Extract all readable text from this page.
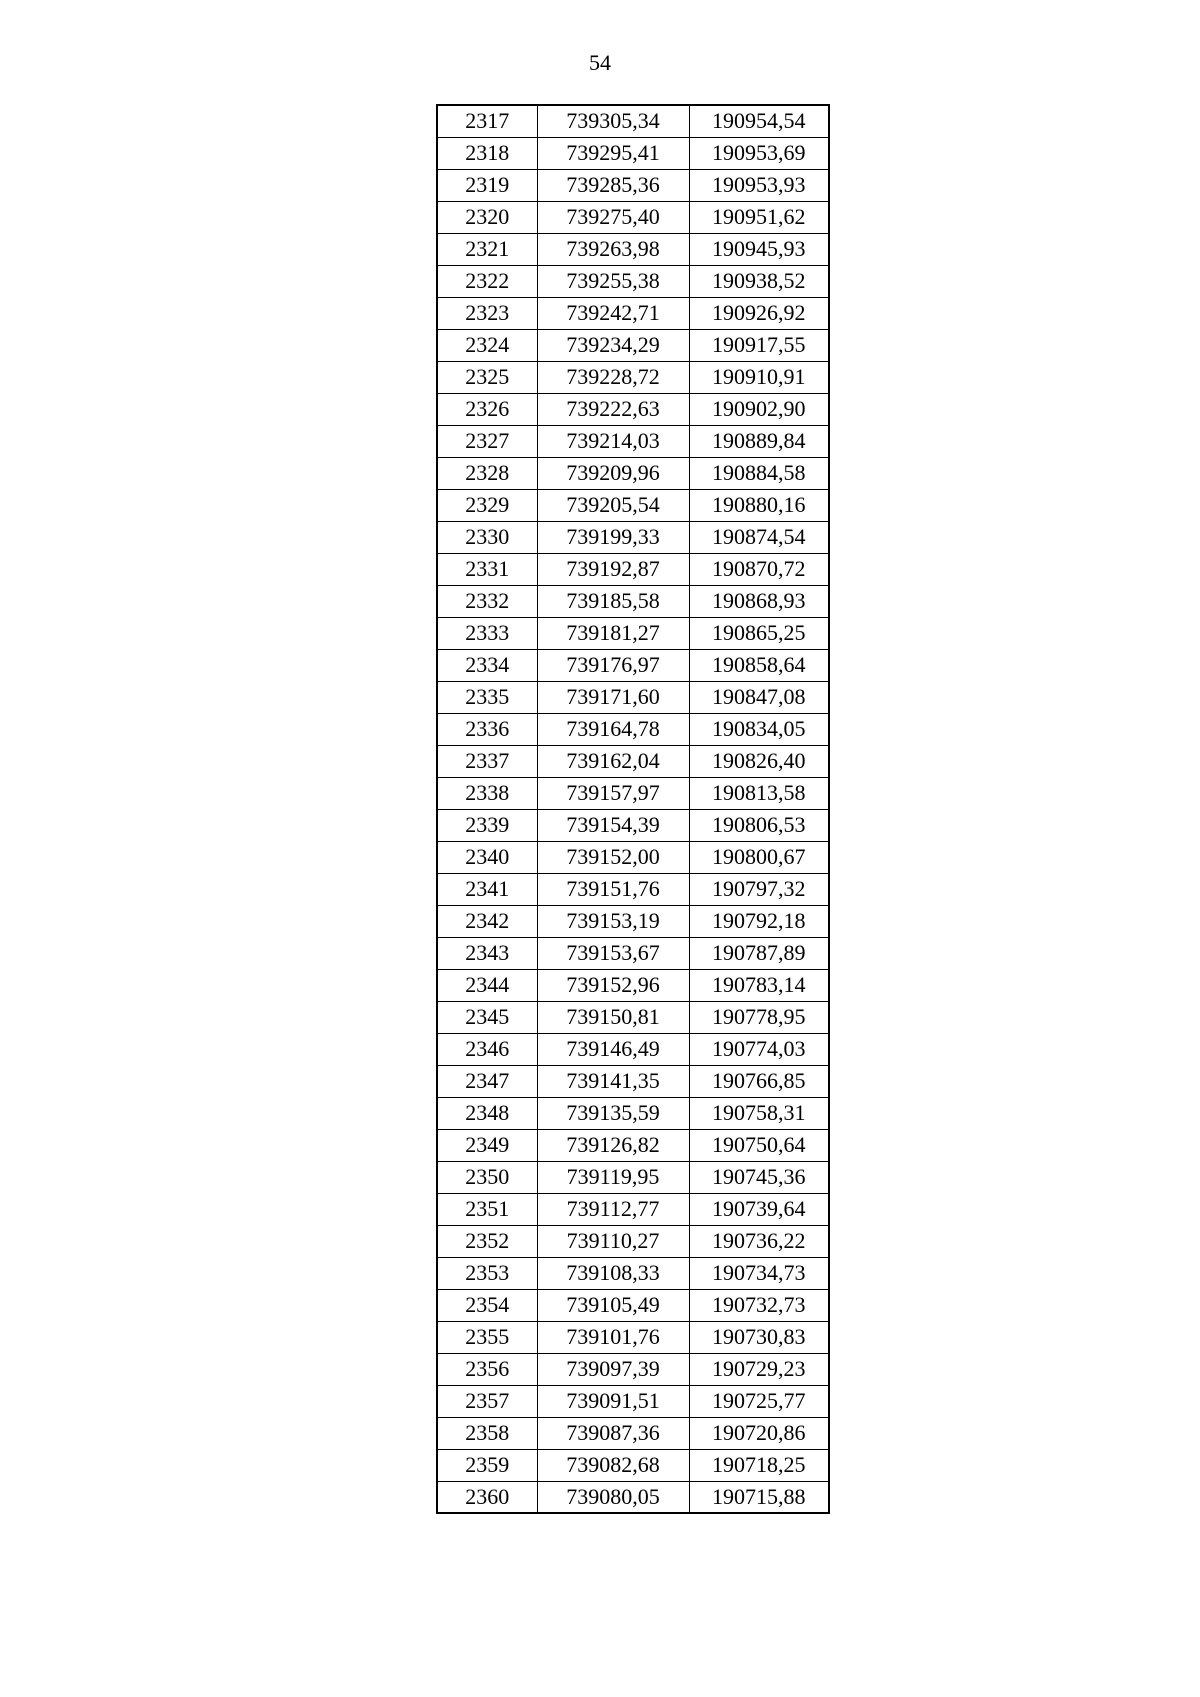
54
2317	739305,34	190954,54
2318	739295,41	190953,69
2319	739285,36	190953,93
2320	739275,40	190951,62
2321	739263,98	190945,93
2322	739255,38	190938,52
2323	739242,71	190926,92
2324	739234,29	190917,55
2325	739228,72	190910,91
2326	739222,63	190902,90
2327	739214,03	190889,84
2328	739209,96	190884,58
2329	739205,54	190880,16
2330	739199,33	190874,54
2331	739192,87	190870,72
2332	739185,58	190868,93
2333	739181,27	190865,25
2334	739176,97	190858,64
2335	739171,60	190847,08
2336	739164,78	190834,05
2337	739162,04	190826,40
2338	739157,97	190813,58
2339	739154,39	190806,53
2340	739152,00	190800,67
2341	739151,76	190797,32
2342	739153,19	190792,18
2343	739153,67	190787,89
2344	739152,96	190783,14
2345	739150,81	190778,95
2346	739146,49	190774,03
2347	739141,35	190766,85
2348	739135,59	190758,31
2349	739126,82	190750,64
2350	739119,95	190745,36
2351	739112,77	190739,64
2352	739110,27	190736,22
2353	739108,33	190734,73
2354	739105,49	190732,73
2355	739101,76	190730,83
2356	739097,39	190729,23
2357	739091,51	190725,77
2358	739087,36	190720,86
2359	739082,68	190718,25
2360	739080,05	190715,88
